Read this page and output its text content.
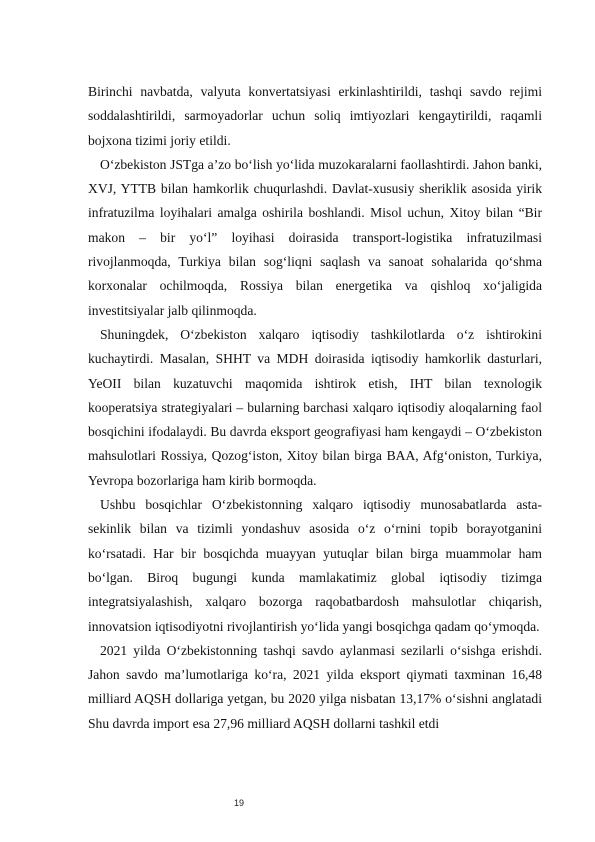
Birinchi navbatda, valyuta konvertatsiyasi erkinlashtirildi, tashqi savdo rejimi soddalashtirildi, sarmoyadorlar uchun soliq imtiyozlari kengaytirildi, raqamli bojxona tizimi joriy etildi.

O‘zbekiston JSTga a’zo bo‘lish yo‘lida muzokaralarni faollashtirdi. Jahon banki, XVJ, YTTB bilan hamkorlik chuqurlashdi. Davlat-xususiy sheriklik asosida yirik infratuzilma loyihalari amalga oshirila boshlandi. Misol uchun, Xitoy bilan “Bir makon – bir yo‘l” loyihasi doirasida transport-logistika infratuzilmasi rivojlanmoqda, Turkiya bilan sog‘liqni saqlash va sanoat sohalarida qo‘shma korxonalar ochilmoqda, Rossiya bilan energetika va qishloq xo‘jaligida investitsiyalar jalb qilinmoqda.

Shuningdek, O‘zbekiston xalqaro iqtisodiy tashkilotlarda o‘z ishtirokini kuchaytirdi. Masalan, SHHT va MDH doirasida iqtisodiy hamkorlik dasturlari, YeOII bilan kuzatuvchi maqomida ishtirok etish, IHT bilan texnologik kooperatsiya strategiyalari – bularning barchasi xalqaro iqtisodiy aloqalarning faol bosqichini ifodalaydi. Bu davrda eksport geografiyasi ham kengaydi – O‘zbekiston mahsulotlari Rossiya, Qozog‘iston, Xitoy bilan birga BAA, Afg‘oniston, Turkiya, Yevropa bozorlariga ham kirib bormoqda.

Ushbu bosqichlar O‘zbekistonning xalqaro iqtisodiy munosabatlarda asta-sekinlik bilan va tizimli yondashuv asosida o‘z o‘rnini topib borayotganini ko‘rsatadi. Har bir bosqichda muayyan yutuqlar bilan birga muammolar ham bo‘lgan. Biroq bugungi kunda mamlakatimiz global iqtisodiy tizimga integratsiyalashish, xalqaro bozorga raqobatbardosh mahsulotlar chiqarish, innovatsion iqtisodiyotni rivojlantirish yo‘lida yangi bosqichga qadam qo‘ymoqda.

2021 yilda O‘zbekistonning tashqi savdo aylanmasi sezilarli o‘sishga erishdi. Jahon savdo ma’lumotlariga ko‘ra, 2021 yilda eksport qiymati taxminan 16,48 milliard AQSH dollariga yetgan, bu 2020 yilga nisbatan 13,17% o‘sishni anglatadi Shu davrda import esa 27,96 milliard AQSH dollarni tashkil etdi

19
